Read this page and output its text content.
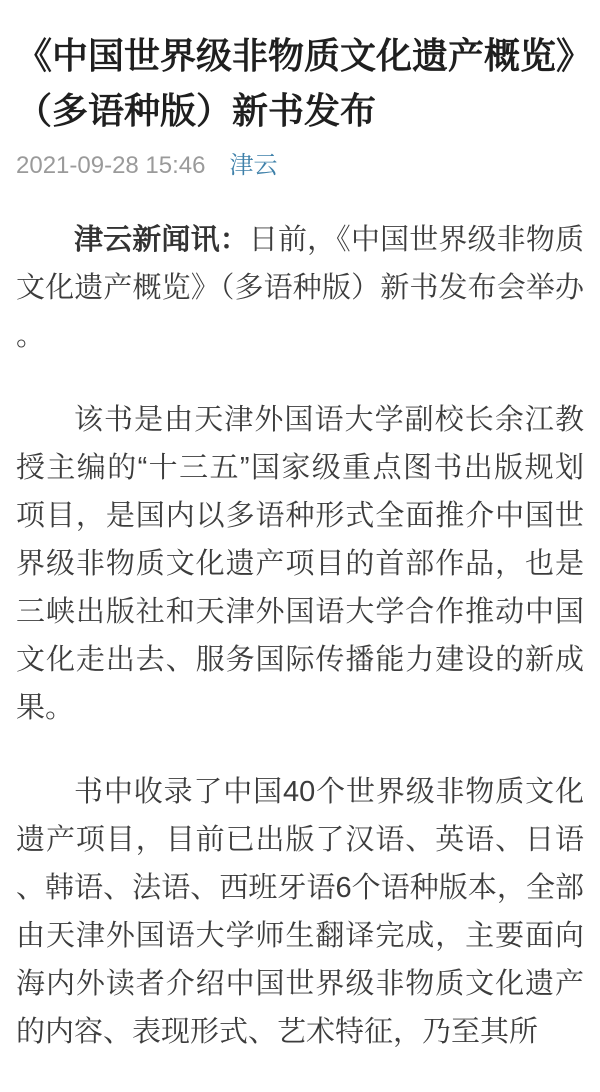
《中国世界级非物质文化遗产概览》（多语种版）新书发布
2021-09-28 15:46 津云

津云新闻讯：日前，《中国世界级非物质文化遗产概览》（多语种版）新书发布会举办。

该书是由天津外国语大学副校长余江教授主编的“十三五”国家级重点图书出版规划项目，是国内以多语种形式全面推介中国世界级非物质文化遗产项目的首部作品，也是三峡出版社和天津外国语大学合作推动中国文化走出去、服务国际传播能力建设的新成果。

书中收录了中国40个世界级非物质文化遗产项目，目前已出版了汉语、英语、日语、韩语、法语、西班牙语6个语种版本，全部由天津外国语大学师生翻译完成，主要面向海内外读者介绍中国世界级非物质文化遗产的内容、表现形式、艺术特征，乃至其所
